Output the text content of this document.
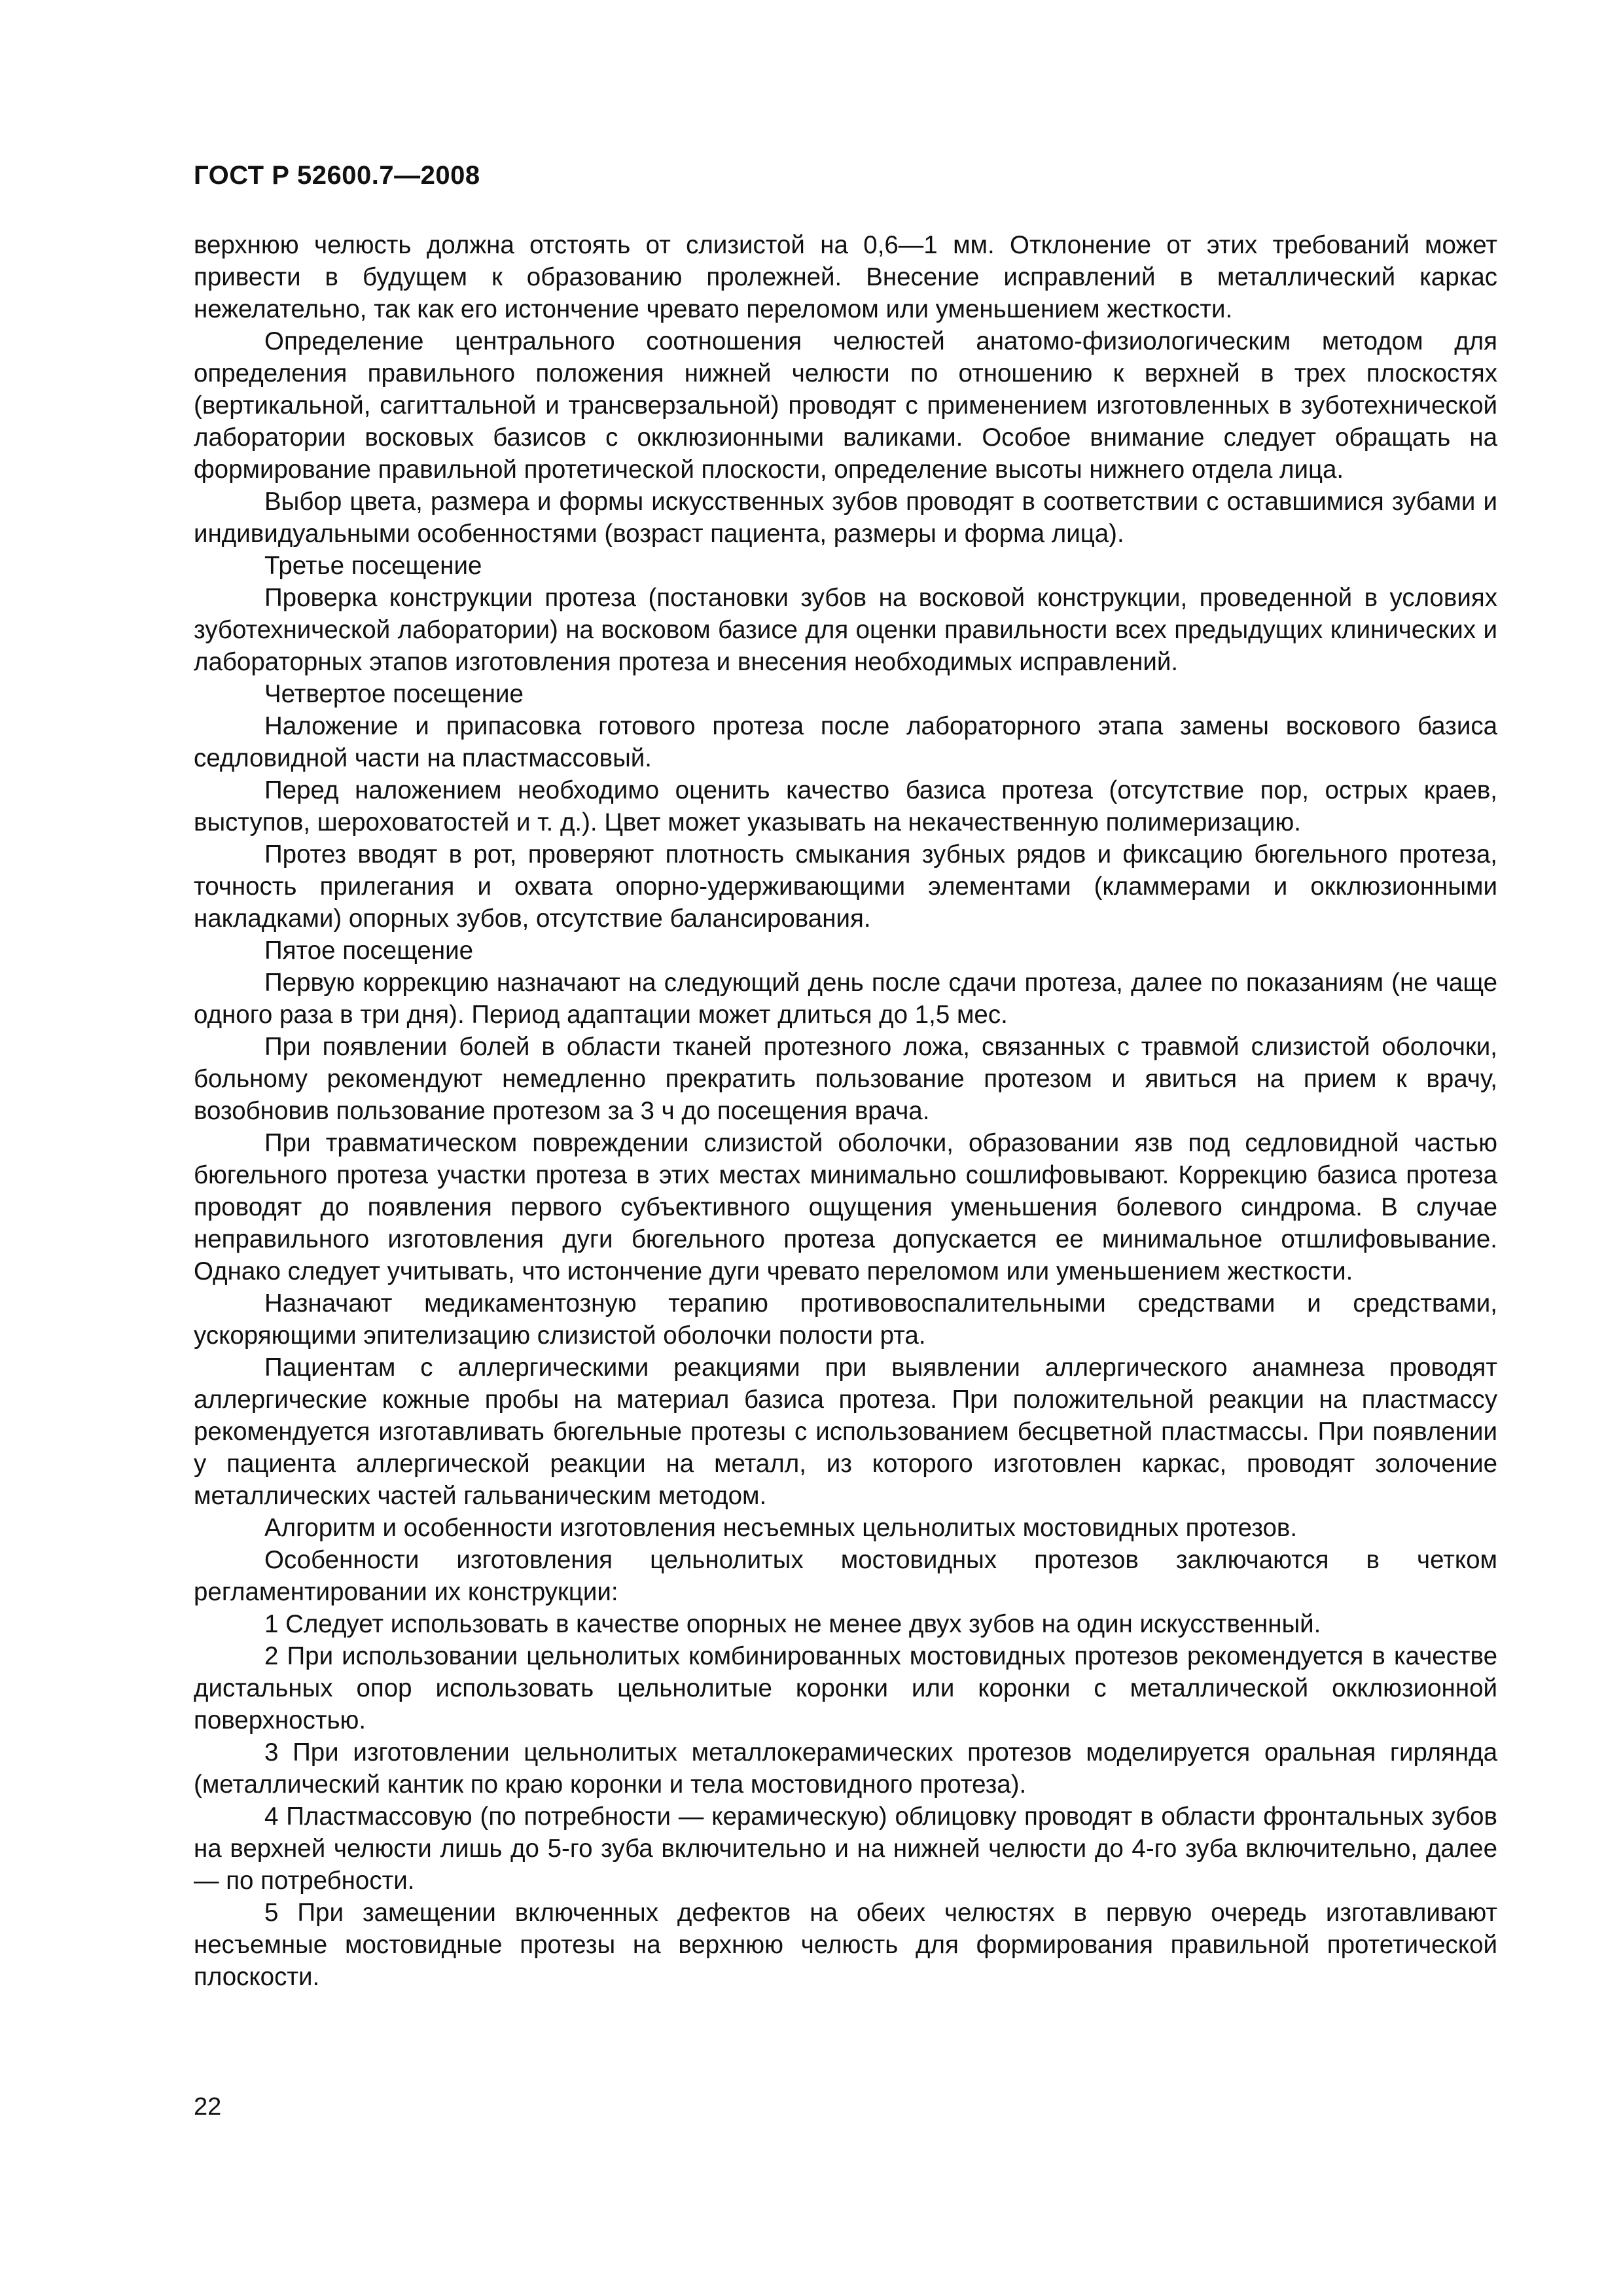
ГОСТ Р 52600.7—2008

верхнюю челюсть должна отстоять от слизистой на 0,6—1 мм. Отклонение от этих требований может привести в будущем к образованию пролежней. Внесение исправлений в металлический каркас нежелательно, так как его истончение чревато переломом или уменьшением жесткости.

Определение центрального соотношения челюстей анатомо-физиологическим методом для определения правильного положения нижней челюсти по отношению к верхней в трех плоскостях (вертикальной, сагиттальной и трансверзальной) проводят с применением изготовленных в зуботехнической лаборатории восковых базисов с окклюзионными валиками. Особое внимание следует обращать на формирование правильной протетической плоскости, определение высоты нижнего отдела лица.

Выбор цвета, размера и формы искусственных зубов проводят в соответствии с оставшимися зубами и индивидуальными особенностями (возраст пациента, размеры и форма лица).

Третье посещение

Проверка конструкции протеза (постановки зубов на восковой конструкции, проведенной в условиях зуботехнической лаборатории) на восковом базисе для оценки правильности всех предыдущих клинических и лабораторных этапов изготовления протеза и внесения необходимых исправлений.

Четвертое посещение

Наложение и припасовка готового протеза после лабораторного этапа замены воскового базиса седловидной части на пластмассовый.

Перед наложением необходимо оценить качество базиса протеза (отсутствие пор, острых краев, выступов, шероховатостей и т. д.). Цвет может указывать на некачественную полимеризацию.

Протез вводят в рот, проверяют плотность смыкания зубных рядов и фиксацию бюгельного протеза, точность прилегания и охвата опорно-удерживающими элементами (кламмерами и окклюзионными накладками) опорных зубов, отсутствие балансирования.

Пятое посещение

Первую коррекцию назначают на следующий день после сдачи протеза, далее по показаниям (не чаще одного раза в три дня). Период адаптации может длиться до 1,5 мес.

При появлении болей в области тканей протезного ложа, связанных с травмой слизистой оболочки, больному рекомендуют немедленно прекратить пользование протезом и явиться на прием к врачу, возобновив пользование протезом за 3 ч до посещения врача.

При травматическом повреждении слизистой оболочки, образовании язв под седловидной частью бюгельного протеза участки протеза в этих местах минимально сошлифовывают. Коррекцию базиса протеза проводят до появления первого субъективного ощущения уменьшения болевого синдрома. В случае неправильного изготовления дуги бюгельного протеза допускается ее минимальное отшлифовывание. Однако следует учитывать, что истончение дуги чревато переломом или уменьшением жесткости.

Назначают медикаментозную терапию противовоспалительными средствами и средствами, ускоряющими эпителизацию слизистой оболочки полости рта.

Пациентам с аллергическими реакциями при выявлении аллергического анамнеза проводят аллергические кожные пробы на материал базиса протеза. При положительной реакции на пластмассу рекомендуется изготавливать бюгельные протезы с использованием бесцветной пластмассы. При появлении у пациента аллергической реакции на металл, из которого изготовлен каркас, проводят золочение металлических частей гальваническим методом.

Алгоритм и особенности изготовления несъемных цельнолитых мостовидных протезов.

Особенности изготовления цельнолитых мостовидных протезов заключаются в четком регламентировании их конструкции:

1 Следует использовать в качестве опорных не менее двух зубов на один искусственный.

2 При использовании цельнолитых комбинированных мостовидных протезов рекомендуется в качестве дистальных опор использовать цельнолитые коронки или коронки с металлической окклюзионной поверхностью.

3 При изготовлении цельнолитых металлокерамических протезов моделируется оральная гирлянда (металлический кантик по краю коронки и тела мостовидного протеза).

4 Пластмассовую (по потребности — керамическую) облицовку проводят в области фронтальных зубов на верхней челюсти лишь до 5-го зуба включительно и на нижней челюсти до 4-го зуба включительно, далее — по потребности.

5 При замещении включенных дефектов на обеих челюстях в первую очередь изготавливают несъемные мостовидные протезы на верхнюю челюсть для формирования правильной протетической плоскости.

22
